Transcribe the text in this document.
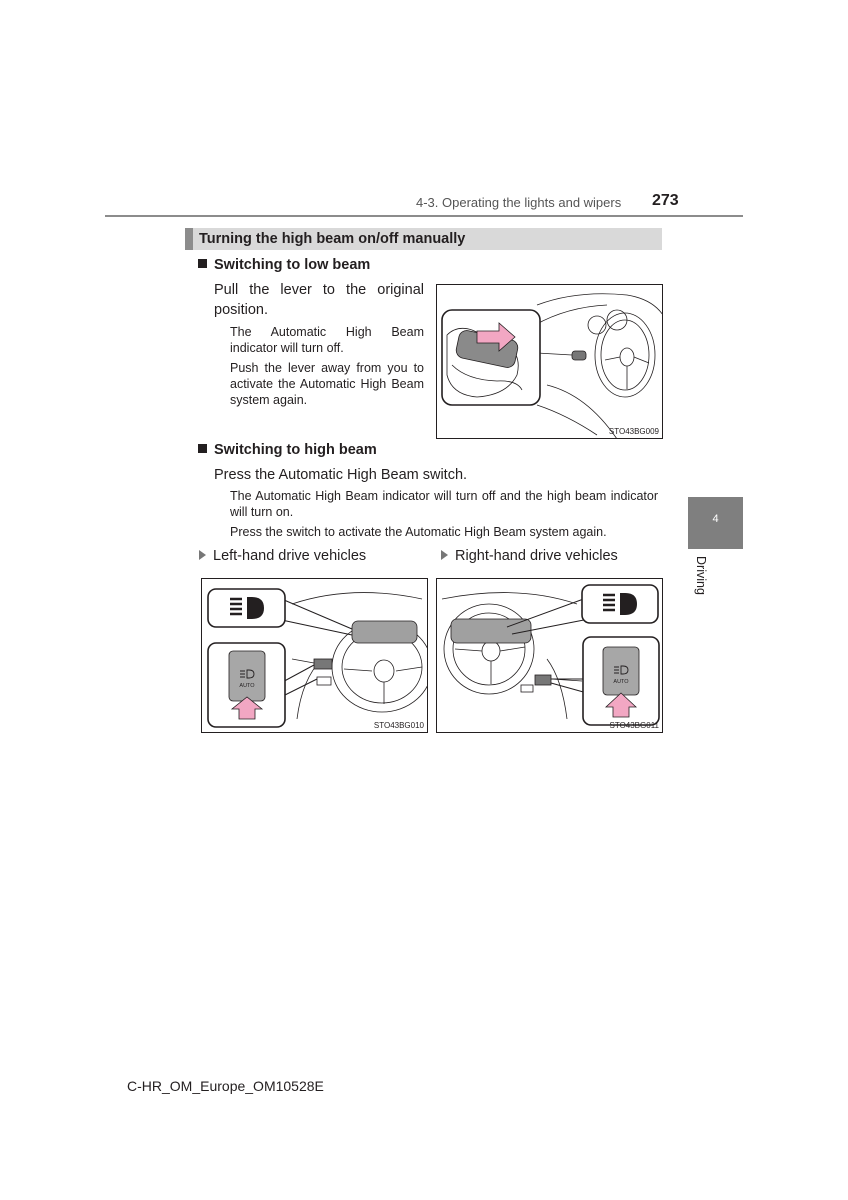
4-3. Operating the lights and wipers 273
Turning the high beam on/off manually
Switching to low beam
Pull the lever to the original position.
The Automatic High Beam indicator will turn off.
Push the lever away from you to activate the Automatic High Beam system again.
STO43BG009
Switching to high beam
Press the Automatic High Beam switch.
The Automatic High Beam indicator will turn off and the high beam indicator will turn on.
Press the switch to activate the Automatic High Beam system again.
Left-hand drive vehicles	Right-hand drive vehicles
AUTO
STO43BG010
AUTO
STO43BG011
4
Driving
C-HR_OM_Europe_OM10528E
